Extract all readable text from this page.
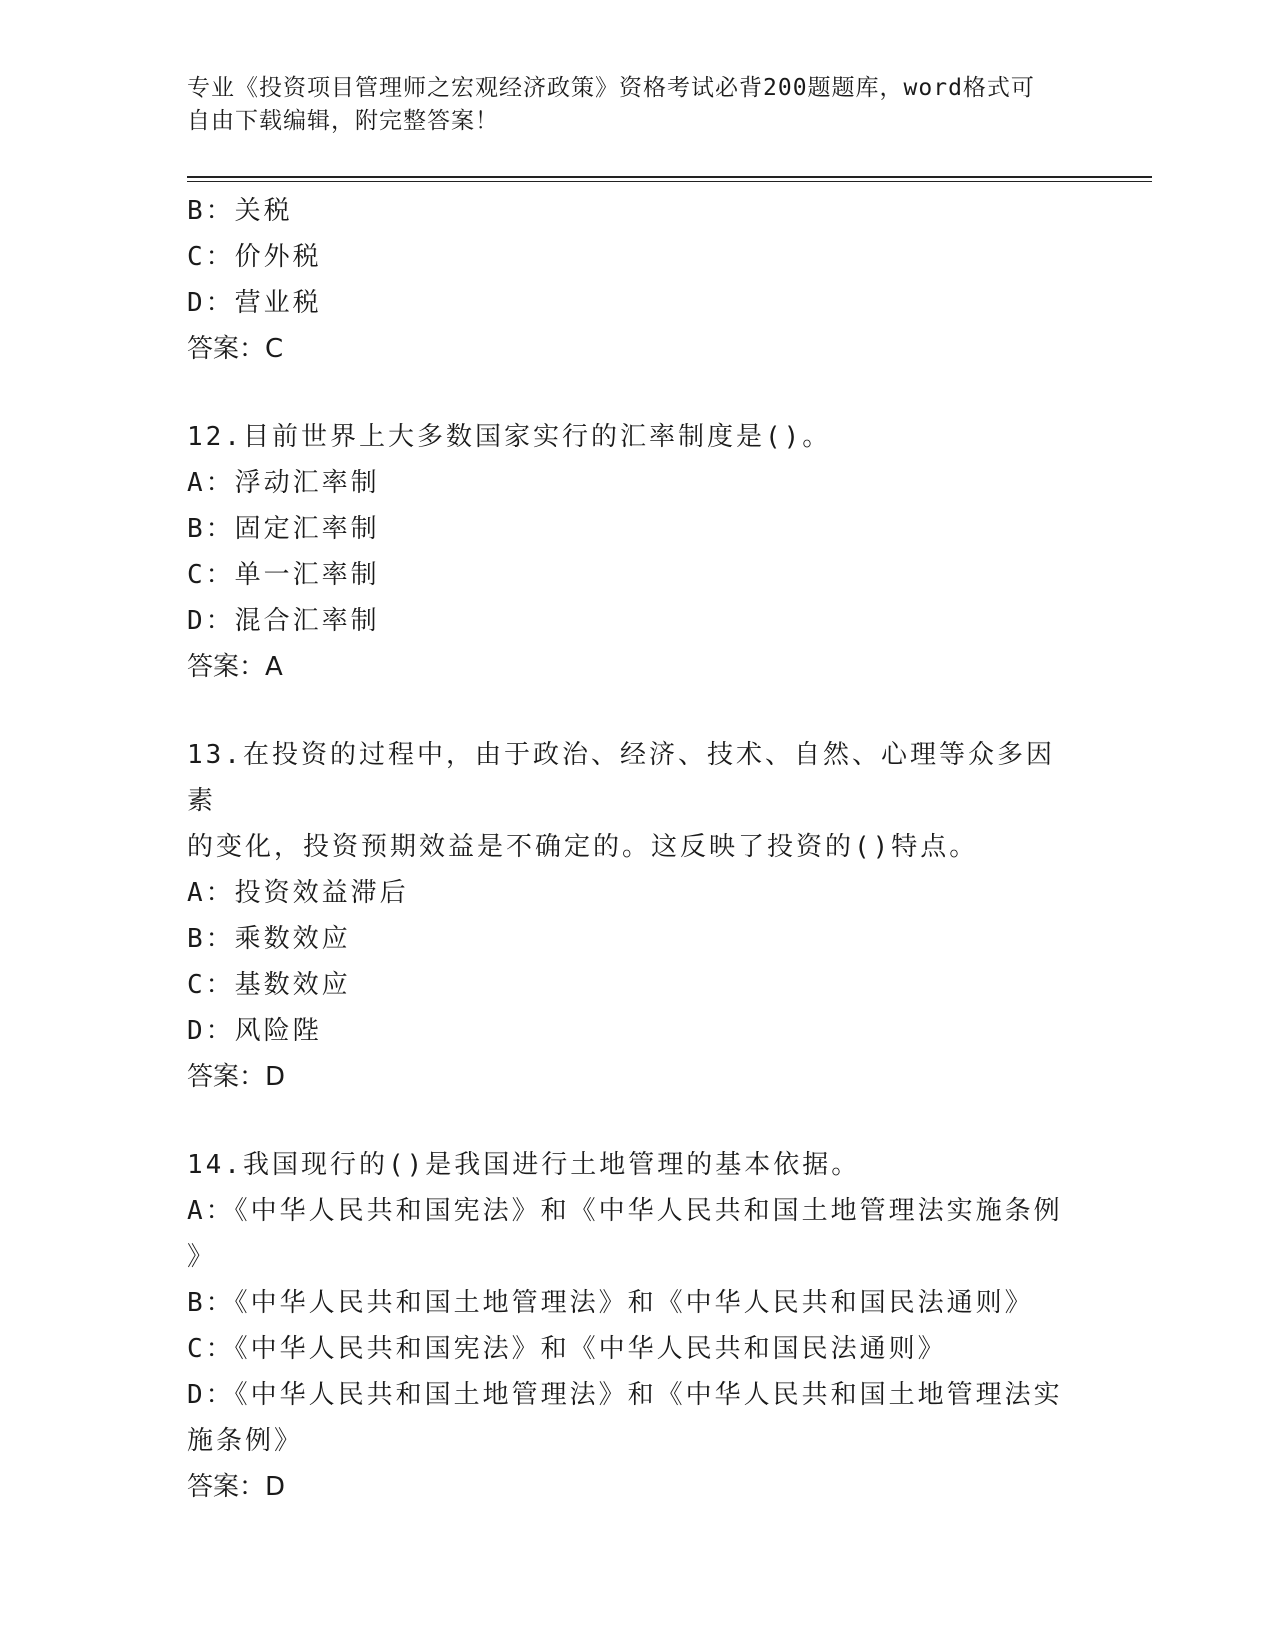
专业《投资项目管理师之宏观经济政策》资格考试必背200题题库，word格式可
自由下载编辑，附完整答案！
B：关税
C：价外税
D：营业税
答案：C
12.目前世界上大多数国家实行的汇率制度是()。
A：浮动汇率制
B：固定汇率制
C：单一汇率制
D：混合汇率制
答案：A
13.在投资的过程中，由于政治、经济、技术、自然、心理等众多因素
的变化，投资预期效益是不确定的。这反映了投资的()特点。
A：投资效益滞后
B：乘数效应
C：基数效应
D：风险陛
答案：D
14.我国现行的()是我国进行土地管理的基本依据。
A：《中华人民共和国宪法》和《中华人民共和国土地管理法实施条例
》
B：《中华人民共和国土地管理法》和《中华人民共和国民法通则》
C：《中华人民共和国宪法》和《中华人民共和国民法通则》
D：《中华人民共和国土地管理法》和《中华人民共和国土地管理法实
施条例》
答案：D
